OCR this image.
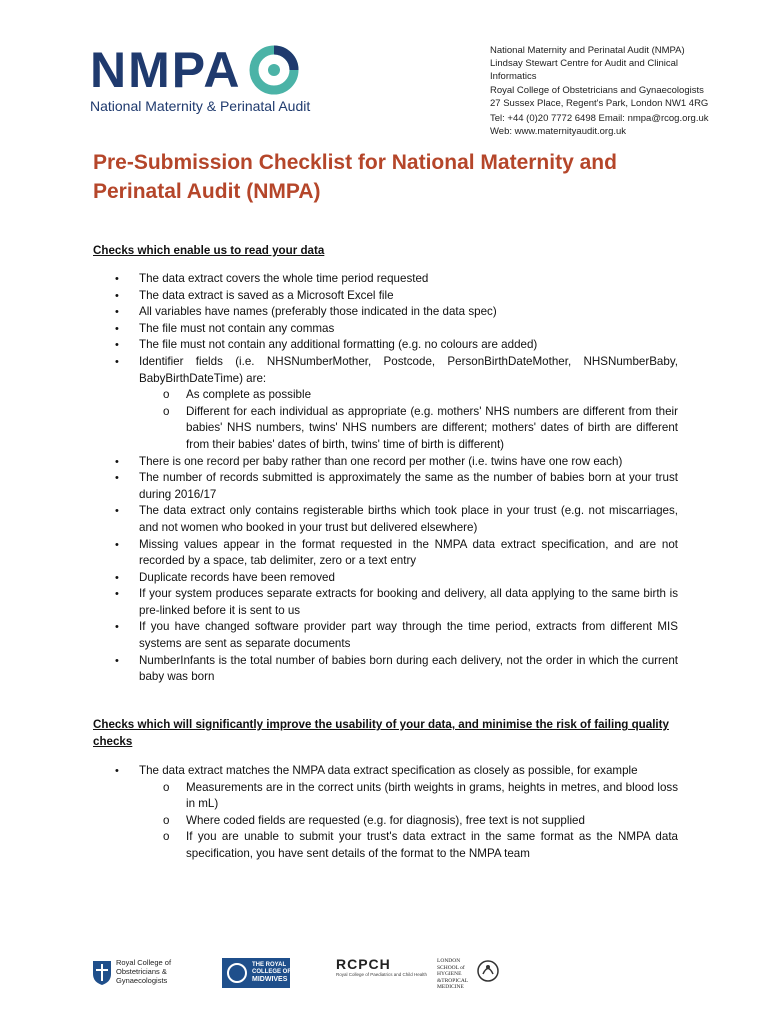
NMPA
National Maternity & Perinatal Audit
National Maternity and Perinatal Audit (NMPA)
Lindsay Stewart Centre for Audit and Clinical
Informatics
Royal College of Obstetricians and Gynaecologists
27 Sussex Place, Regent's Park, London NW1 4RG
Tel: +44 (0)20 7772 6498 Email: nmpa@rcog.org.uk
Web: www.maternityaudit.org.uk
Pre-Submission Checklist for National Maternity and
Perinatal Audit (NMPA)
Checks which enable us to read your data
• The data extract covers the whole time period requested
• The data extract is saved as a Microsoft Excel file
• All variables have names (preferably those indicated in the data spec)
• The file must not contain any commas
• The file must not contain any additional formatting (e.g. no colours are added)
• Identifier fields (i.e. NHSNumberMother, Postcode, PersonBirthDateMother, NHSNumberBaby, BabyBirthDateTime) are:
o As complete as possible
o Different for each individual as appropriate (e.g. mothers' NHS numbers are different from their babies' NHS numbers, twins' NHS numbers are different; mothers' dates of birth are different from their babies' dates of birth, twins' time of birth is different)
• There is one record per baby rather than one record per mother (i.e. twins have one row each)
• The number of records submitted is approximately the same as the number of babies born at your trust during 2016/17
• The data extract only contains registerable births which took place in your trust (e.g. not miscarriages, and not women who booked in your trust but delivered elsewhere)
• Missing values appear in the format requested in the NMPA data extract specification, and are not recorded by a space, tab delimiter, zero or a text entry
• Duplicate records have been removed
• If your system produces separate extracts for booking and delivery, all data applying to the same birth is pre-linked before it is sent to us
• If you have changed software provider part way through the time period, extracts from different MIS systems are sent as separate documents
• NumberInfants is the total number of babies born during each delivery, not the order in which the current baby was born
Checks which will significantly improve the usability of your data, and minimise the risk of failing quality checks
• The data extract matches the NMPA data extract specification as closely as possible, for example
o Measurements are in the correct units (birth weights in grams, heights in metres, and blood loss in mL)
o Where coded fields are requested (e.g. for diagnosis), free text is not supplied
o If you are unable to submit your trust's data extract in the same format as the NMPA data specification, you have sent details of the format to the NMPA team
Royal College of
Obstetricians &
Gynaecologists
THE ROYAL
COLLEGE OF
MIDWIVES
RCPCH
Royal College of Paediatrics and Child Health
LONDON
SCHOOL of
HYGIENE
&TROPICAL
MEDICINE
